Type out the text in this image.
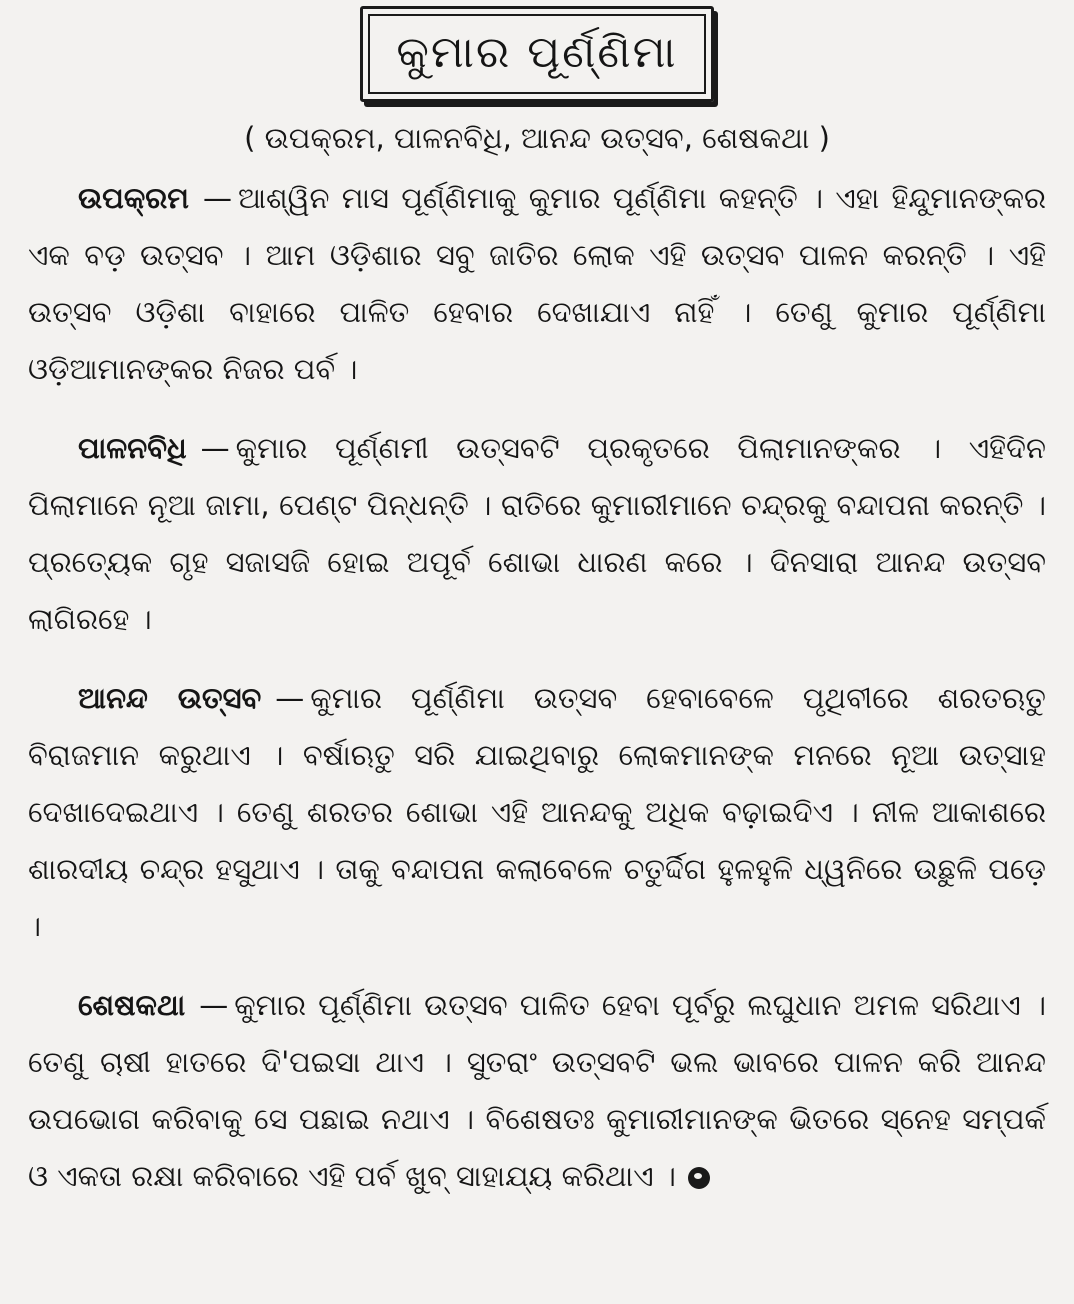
କୁମାର ପୂର୍ଣ୍ଣିମା
( ଉପକ୍ରମ, ପାଳନବିଧି, ଆନନ୍ଦ ଉତ୍ସବ, ଶେଷକଥା )

ଉପକ୍ରମ — ଆଶ୍ୱିନ ମାସ ପୂର୍ଣ୍ଣିମାକୁ କୁମାର ପୂର୍ଣ୍ଣିମା କହନ୍ତି । ଏହା ହିନ୍ଦୁମାନଙ୍କର ଏକ ବଡ଼ ଉତ୍ସବ । ଆମ ଓଡ଼ିଶାର ସବୁ ଜାତିର ଲୋକ ଏହି ଉତ୍ସବ ପାଳନ କରନ୍ତି । ଏହି ଉତ୍ସବ ଓଡ଼ିଶା ବାହାରେ ପାଳିତ ହେବାର ଦେଖାଯାଏ ନାହିଁ । ତେଣୁ କୁମାର ପୂର୍ଣ୍ଣିମା ଓଡ଼ିଆମାନଙ୍କର ନିଜର ପର୍ବ ।

ପାଳନବିଧି — କୁମାର ପୂର୍ଣ୍ଣମୀ ଉତ୍ସବଟି ପ୍ରକୃତରେ ପିଲାମାନଙ୍କର । ଏହିଦିନ ପିଲାମାନେ ନୂଆ ଜାମା, ପେଣ୍ଟ ପିନ୍ଧନ୍ତି । ରାତିରେ କୁମାରୀମାନେ ଚନ୍ଦ୍ରକୁ ବନ୍ଦାପନା କରନ୍ତି । ପ୍ରତ୍ୟେକ ଗୃହ ସଜାସଜି ହୋଇ ଅପୂର୍ବ ଶୋଭା ଧାରଣ କରେ । ଦିନସାରା ଆନନ୍ଦ ଉତ୍ସବ ଲାଗିରହେ ।

ଆନନ୍ଦ ଉତ୍ସବ — କୁମାର ପୂର୍ଣ୍ଣିମା ଉତ୍ସବ ହେବାବେଳେ ପୃଥିବୀରେ ଶରତଋତୁ ବିରାଜମାନ କରୁଥାଏ । ବର୍ଷାଋତୁ ସରି ଯାଇଥିବାରୁ ଲୋକମାନଙ୍କ ମନରେ ନୂଆ ଉତ୍ସାହ ଦେଖାଦେଇଥାଏ । ତେଣୁ ଶରତର ଶୋଭା ଏହି ଆନନ୍ଦକୁ ଅଧିକ ବଢ଼ାଇଦିଏ । ନୀଳ ଆକାଶରେ ଶାରଦୀୟ ଚନ୍ଦ୍ର ହସୁଥାଏ । ତାକୁ ବନ୍ଦାପନା କଲାବେଳେ ଚତୁର୍ଦ୍ଦିଗ ହୁଳହୁଳି ଧ୍ୱନିରେ ଉଛୁଳି ପଡ଼େ ।

ଶେଷକଥା — କୁମାର ପୂର୍ଣ୍ଣିମା ଉତ୍ସବ ପାଳିତ ହେବା ପୂର୍ବରୁ ଲଘୁଧାନ ଅମଳ ସରିଥାଏ । ତେଣୁ ଚାଷୀ ହାତରେ ଦି'ପଇସା ଥାଏ । ସୁତରାଂ ଉତ୍ସବଟି ଭଲ ଭାବରେ ପାଳନ କରି ଆନନ୍ଦ ଉପଭୋଗ କରିବାକୁ ସେ ପଛାଇ ନଥାଏ । ବିଶେଷତଃ କୁମାରୀମାନଙ୍କ ଭିତରେ ସ୍ନେହ ସମ୍ପର୍କ ଓ ଏକତା ରକ୍ଷା କରିବାରେ ଏହି ପର୍ବ ଖୁବ୍ ସାହାଯ୍ୟ କରିଥାଏ ।
